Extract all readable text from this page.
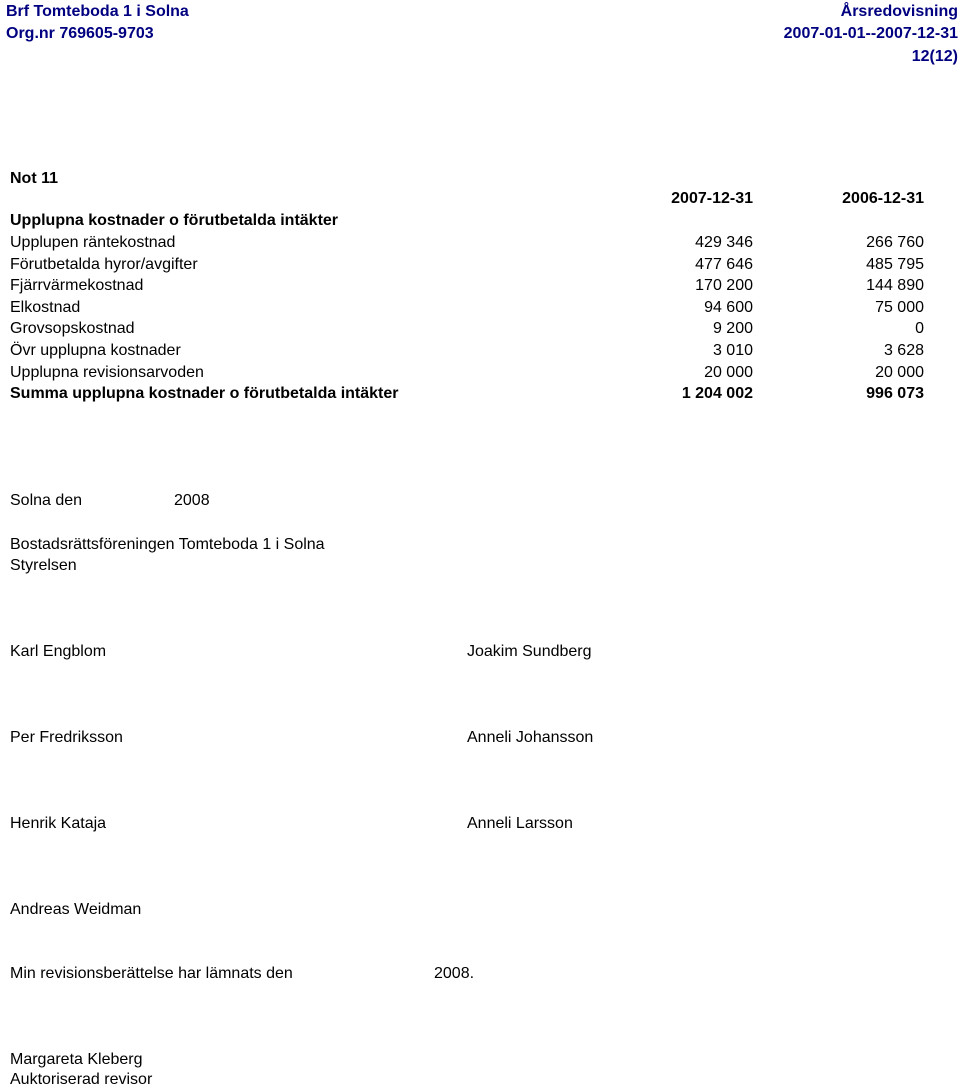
Brf Tomteboda 1 i Solna
Org.nr 769605-9703
Årsredovisning
2007-01-01--2007-12-31
12(12)
Not 11
2007-12-31	2006-12-31
Upplupna kostnader o förutbetalda intäkter
Upplupen räntekostnad	429 346	266 760
Förutbetalda hyror/avgifter	477 646	485 795
Fjärrvärmekostnad	170 200	144 890
Elkostnad	94 600	75 000
Grovsopskostnad	9 200	0
Övr upplupna kostnader	3 010	3 628
Upplupna revisionsarvoden	20 000	20 000
Summa upplupna kostnader o förutbetalda intäkter	1 204 002	996 073
Solna den	2008
Bostadsrättsföreningen Tomteboda 1 i Solna
Styrelsen
Karl Engblom	Joakim Sundberg
Per Fredriksson	Anneli Johansson
Henrik Kataja	Anneli Larsson
Andreas Weidman
Min revisionsberättelse har lämnats den	2008.
Margareta Kleberg
Auktoriserad revisor
